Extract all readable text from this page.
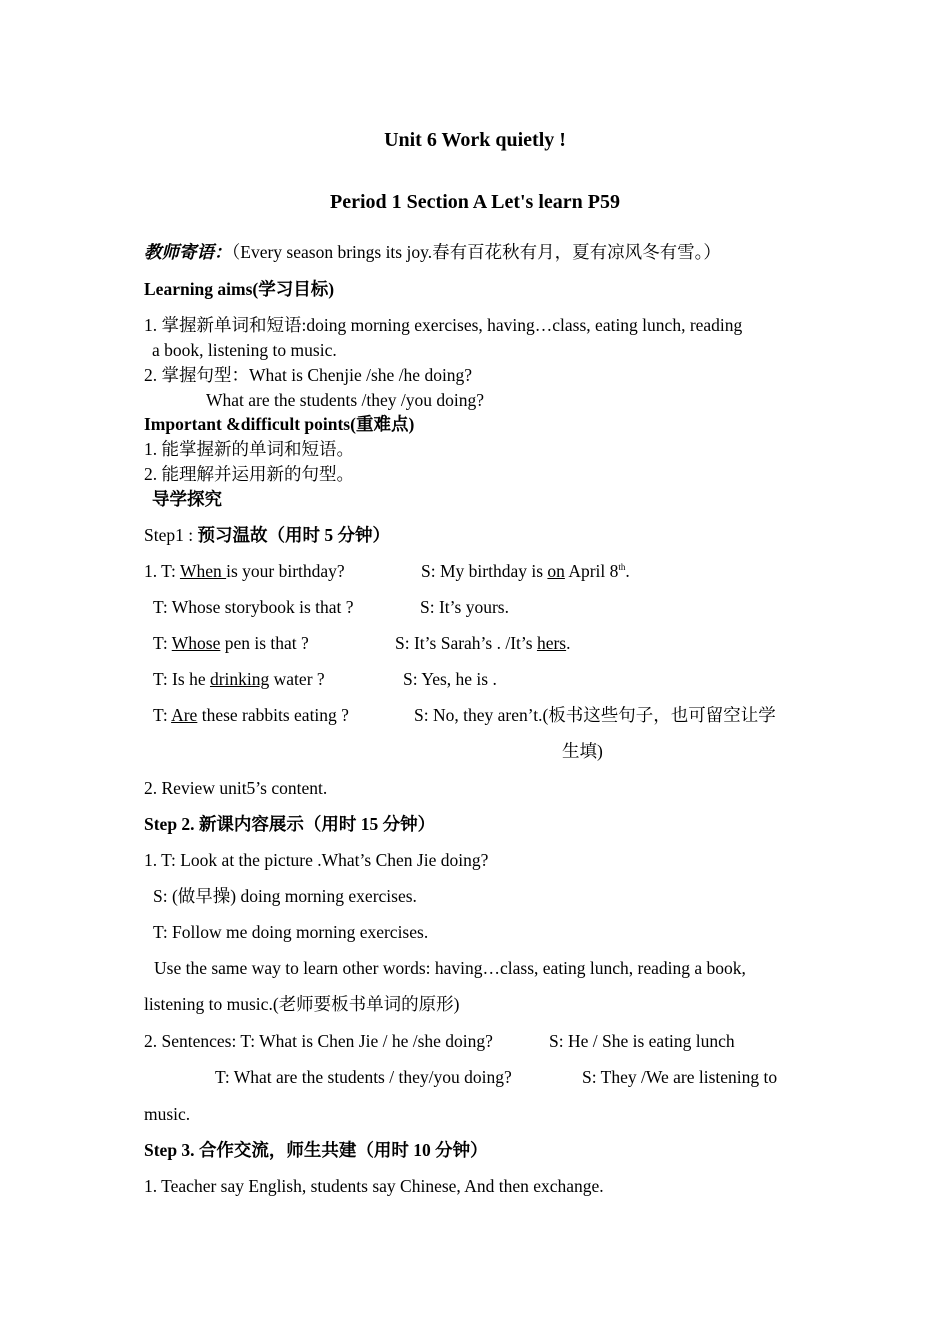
Unit 6 Work quietly !
Period 1 Section A Let's learn P59
教师寄语：（Every season brings its joy.春有百花秋有月，夏有凉风冬有雪。）
Learning aims(学习目标)
1. 掌握新单词和短语:doing morning exercises, having…class, eating lunch, reading
a book, listening to music.
2. 掌握句型：What is Chenjie /she /he doing?
What are the students /they /you doing?
Important &difficult points(重难点)
1. 能掌握新的单词和短语。
2. 能理解并运用新的句型。
导学探究
Step1 : 预习温故（用时 5 分钟）
1. T: When is your birthday?	S: My birthday is on April 8th.
T: Whose storybook is that ?	S: It’s yours.
T: Whose pen is that ?	S: It’s Sarah’s . /It’s hers.
T: Is he drinking water ?	S: Yes, he is .
T: Are these rabbits eating ?	S: No, they aren’t.(板书这些句子，也可留空让学
生填)
2. Review unit5’s content.
Step 2. 新课内容展示（用时 15 分钟）
1. T: Look at the picture .What’s Chen Jie doing?
S: (做早操) doing morning exercises.
T: Follow me doing morning exercises.
Use the same way to learn other words: having…class, eating lunch, reading a book,
listening to music.(老师要板书单词的原形)
2. Sentences: T: What is Chen Jie / he /she doing?	S: He / She is eating lunch
T: What are the students / they/you doing?	S: They /We are listening to
music.
Step 3. 合作交流，师生共建（用时 10 分钟）
1. Teacher say English, students say Chinese, And then exchange.
